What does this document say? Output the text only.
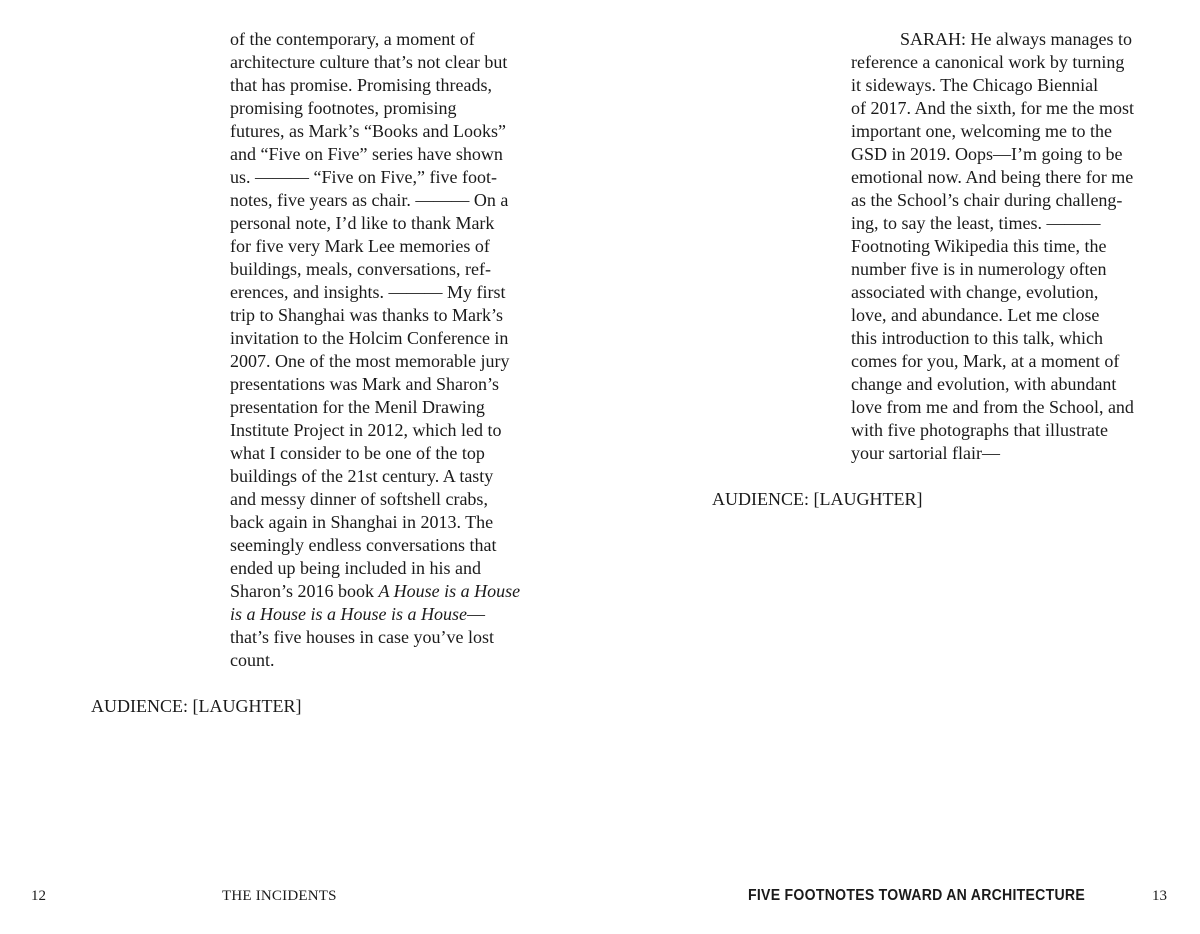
of the contemporary, a moment of
architecture culture that’s not clear but
that has promise. Promising threads,
promising footnotes, promising
futures, as Mark’s “Books and Looks”
and “Five on Five” series have shown
us. ——— “Five on Five,” five foot-
notes, five years as chair. ——— On a
personal note, I’d like to thank Mark
for five very Mark Lee memories of
buildings, meals, conversations, ref-
erences, and insights. ——— My first
trip to Shanghai was thanks to Mark’s
invitation to the Holcim Conference in
2007. One of the most memorable jury
presentations was Mark and Sharon’s
presentation for the Menil Drawing
Institute Project in 2012, which led to
what I consider to be one of the top
buildings of the 21st century. A tasty
and messy dinner of softshell crabs,
back again in Shanghai in 2013. The
seemingly endless conversations that
ended up being included in his and
Sharon’s 2016 book A House is a House
is a House is a House is a House—
that’s five houses in case you’ve lost
count.

AUDIENCE: [LAUGHTER]

12	THE INCIDENTS

SARAH: He always manages to
reference a canonical work by turning
it sideways. The Chicago Biennial
of 2017. And the sixth, for me the most
important one, welcoming me to the
GSD in 2019. Oops—I’m going to be
emotional now. And being there for me
as the School’s chair during challeng-
ing, to say the least, times. ———
Footnoting Wikipedia this time, the
number five is in numerology often
associated with change, evolution,
love, and abundance. Let me close
this introduction to this talk, which
comes for you, Mark, at a moment of
change and evolution, with abundant
love from me and from the School, and
with five photographs that illustrate
your sartorial flair—

AUDIENCE: [LAUGHTER]

FIVE FOOTNOTES TOWARD AN ARCHITECTURE	13
